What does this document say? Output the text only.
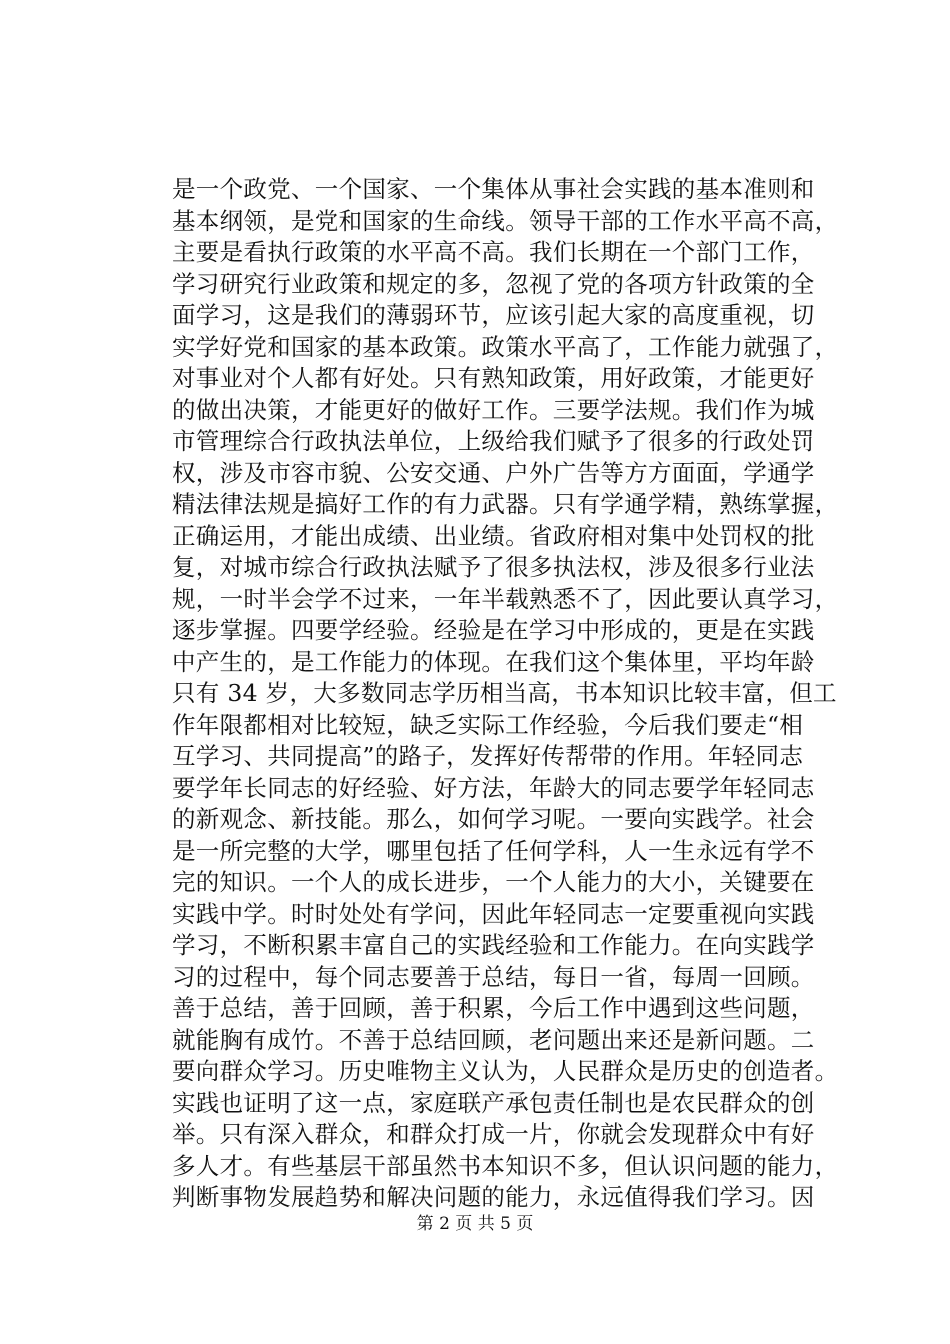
是一个政党、一个国家、一个集体从事社会实践的基本准则和
基本纲领，是党和国家的生命线。领导干部的工作水平高不高，
主要是看执行政策的水平高不高。我们长期在一个部门工作，
学习研究行业政策和规定的多，忽视了党的各项方针政策的全
面学习，这是我们的薄弱环节，应该引起大家的高度重视，切
实学好党和国家的基本政策。政策水平高了，工作能力就强了，
对事业对个人都有好处。只有熟知政策，用好政策，才能更好
的做出决策，才能更好的做好工作。三要学法规。我们作为城
市管理综合行政执法单位，上级给我们赋予了很多的行政处罚
权，涉及市容市貌、公安交通、户外广告等方方面面，学通学
精法律法规是搞好工作的有力武器。只有学通学精，熟练掌握，
正确运用，才能出成绩、出业绩。省政府相对集中处罚权的批
复，对城市综合行政执法赋予了很多执法权，涉及很多行业法
规，一时半会学不过来，一年半载熟悉不了，因此要认真学习，
逐步掌握。四要学经验。经验是在学习中形成的，更是在实践
中产生的，是工作能力的体现。在我们这个集体里，平均年龄
只有 34 岁，大多数同志学历相当高，书本知识比较丰富，但工
作年限都相对比较短，缺乏实际工作经验，今后我们要走“相
互学习、共同提高”的路子，发挥好传帮带的作用。年轻同志
要学年长同志的好经验、好方法，年龄大的同志要学年轻同志
的新观念、新技能。那么，如何学习呢。一要向实践学。社会
是一所完整的大学，哪里包括了任何学科，人一生永远有学不
完的知识。一个人的成长进步，一个人能力的大小，关键要在
实践中学。时时处处有学问，因此年轻同志一定要重视向实践
学习，不断积累丰富自己的实践经验和工作能力。在向实践学
习的过程中，每个同志要善于总结，每日一省，每周一回顾。
善于总结，善于回顾，善于积累，今后工作中遇到这些问题，
就能胸有成竹。不善于总结回顾，老问题出来还是新问题。二
要向群众学习。历史唯物主义认为，人民群众是历史的创造者。
实践也证明了这一点，家庭联产承包责任制也是农民群众的创
举。只有深入群众，和群众打成一片，你就会发现群众中有好
多人才。有些基层干部虽然书本知识不多，但认识问题的能力，
判断事物发展趋势和解决问题的能力，永远值得我们学习。因
第 2 页 共 5 页
